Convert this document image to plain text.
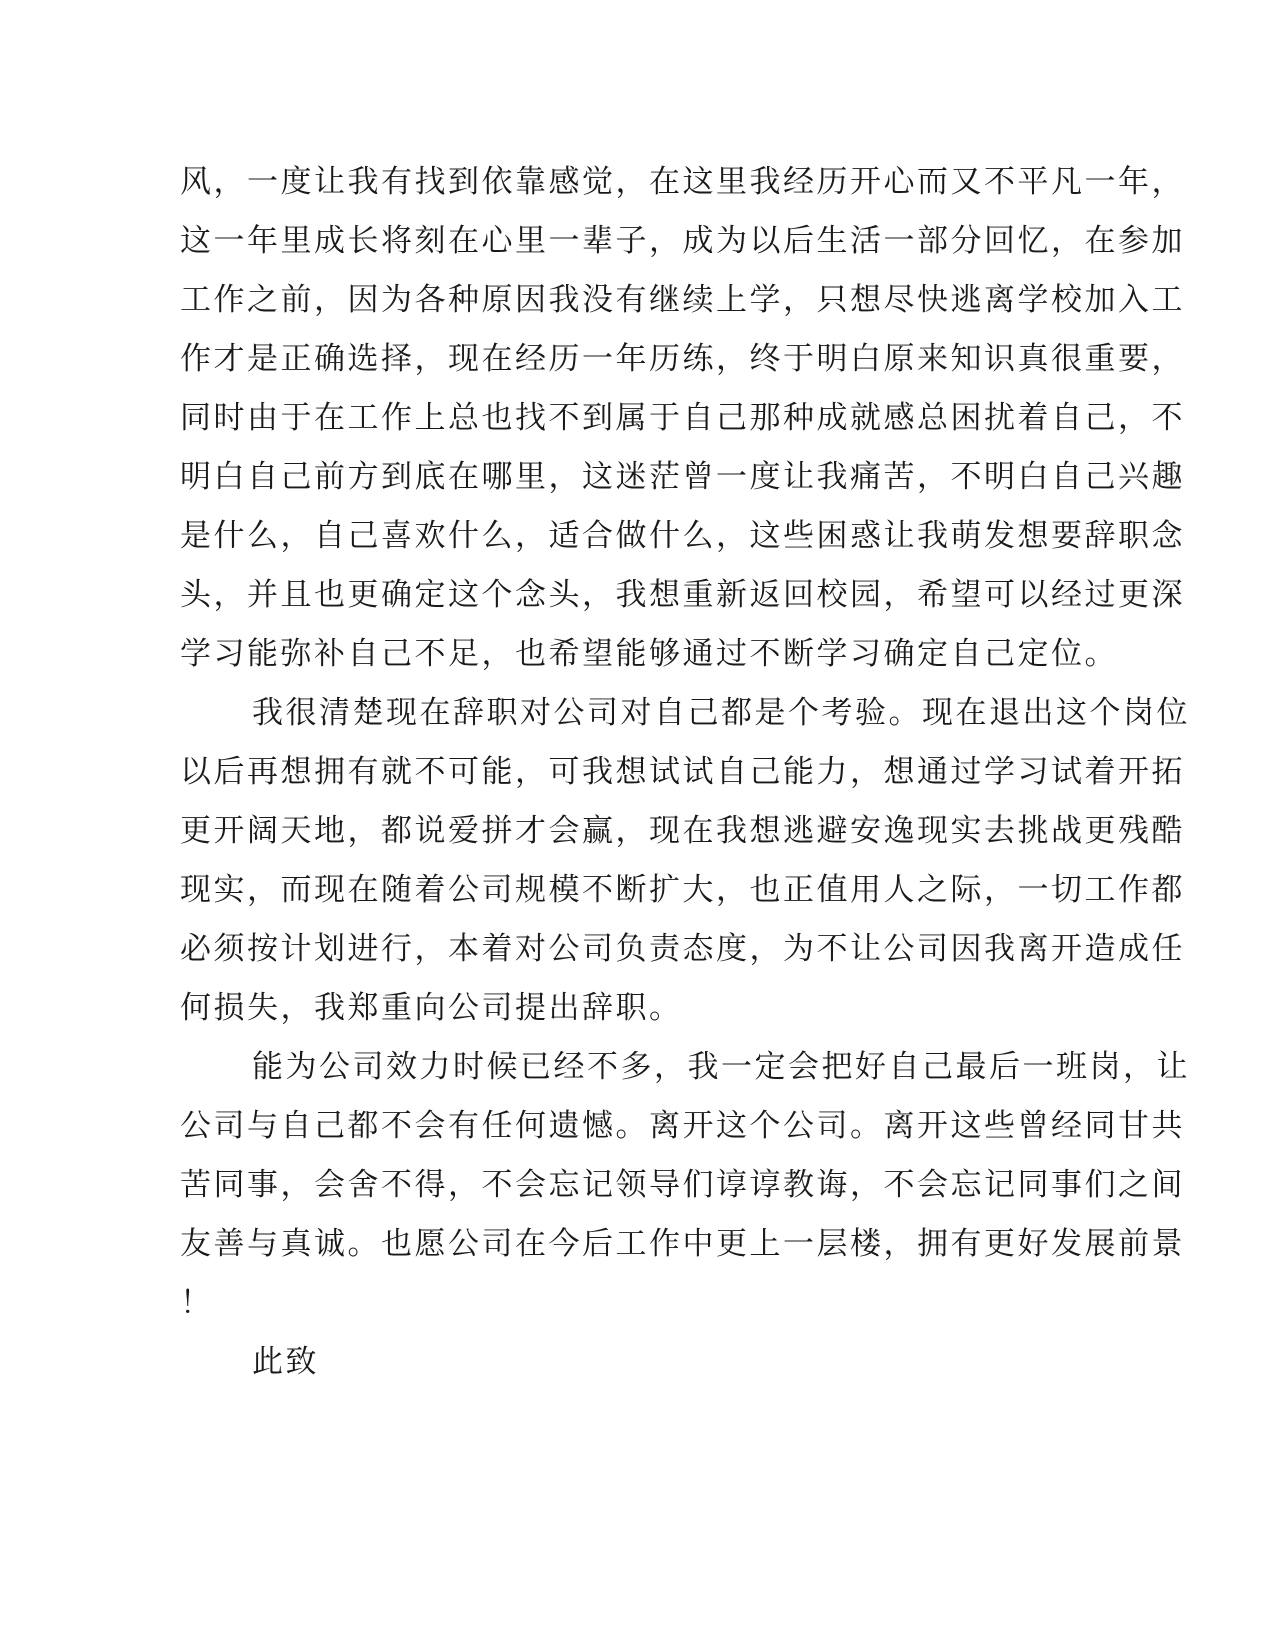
风，一度让我有找到依靠感觉，在这里我经历开心而又不平凡一年，
这一年里成长将刻在心里一辈子，成为以后生活一部分回忆，在参加
工作之前，因为各种原因我没有继续上学，只想尽快逃离学校加入工
作才是正确选择，现在经历一年历练，终于明白原来知识真很重要，
同时由于在工作上总也找不到属于自己那种成就感总困扰着自己，不
明白自己前方到底在哪里，这迷茫曾一度让我痛苦，不明白自己兴趣
是什么，自己喜欢什么，适合做什么，这些困惑让我萌发想要辞职念
头，并且也更确定这个念头，我想重新返回校园，希望可以经过更深
学习能弥补自己不足，也希望能够通过不断学习确定自己定位。
我很清楚现在辞职对公司对自己都是个考验。现在退出这个岗位
以后再想拥有就不可能，可我想试试自己能力，想通过学习试着开拓
更开阔天地，都说爱拼才会赢，现在我想逃避安逸现实去挑战更残酷
现实，而现在随着公司规模不断扩大，也正值用人之际，一切工作都
必须按计划进行，本着对公司负责态度，为不让公司因我离开造成任
何损失，我郑重向公司提出辞职。
能为公司效力时候已经不多，我一定会把好自己最后一班岗，让
公司与自己都不会有任何遗憾。离开这个公司。离开这些曾经同甘共
苦同事，会舍不得，不会忘记领导们谆谆教诲，不会忘记同事们之间
友善与真诚。也愿公司在今后工作中更上一层楼，拥有更好发展前景
！
此致
